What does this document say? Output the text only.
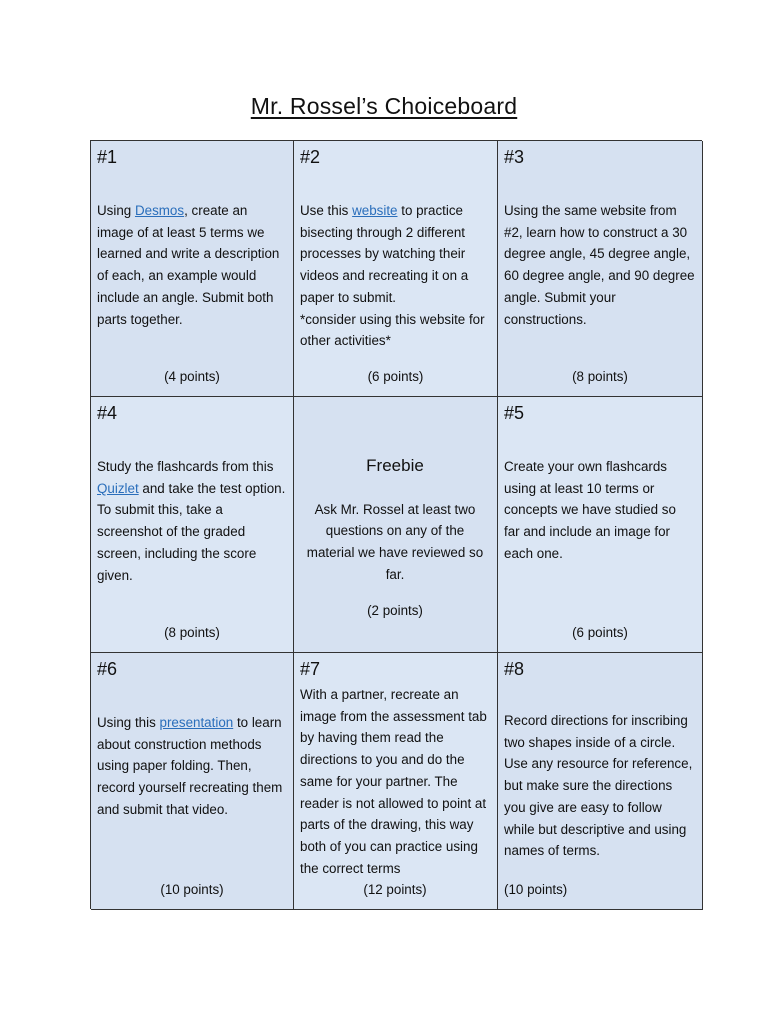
Mr. Rossel’s Choiceboard
#1
Using Desmos, create an image of at least 5 terms we learned and write a description of each, an example would include an angle. Submit both parts together.
(4 points)
#2
Use this website to practice bisecting through 2 different processes by watching their videos and recreating it on a paper to submit.
*consider using this website for other activities*
(6 points)
#3
Using the same website from #2, learn how to construct a 30 degree angle, 45 degree angle, 60 degree angle, and 90 degree angle. Submit your constructions.
(8 points)
#4
Study the flashcards from this Quizlet and take the test option. To submit this, take a screenshot of the graded screen, including the score given.
(8 points)
Freebie
Ask Mr. Rossel at least two questions on any of the material we have reviewed so far.
(2 points)
#5
Create your own flashcards using at least 10 terms or concepts we have studied so far and include an image for each one.
(6 points)
#6
Using this presentation to learn about construction methods using paper folding. Then, record yourself recreating them and submit that video.
(10 points)
#7
With a partner, recreate an image from the assessment tab by having them read the directions to you and do the same for your partner. The reader is not allowed to point at parts of the drawing, this way both of you can practice using the correct terms
(12 points)
#8
Record directions for inscribing two shapes inside of a circle. Use any resource for reference, but make sure the directions you give are easy to follow while but descriptive and using names of terms.
(10 points)
